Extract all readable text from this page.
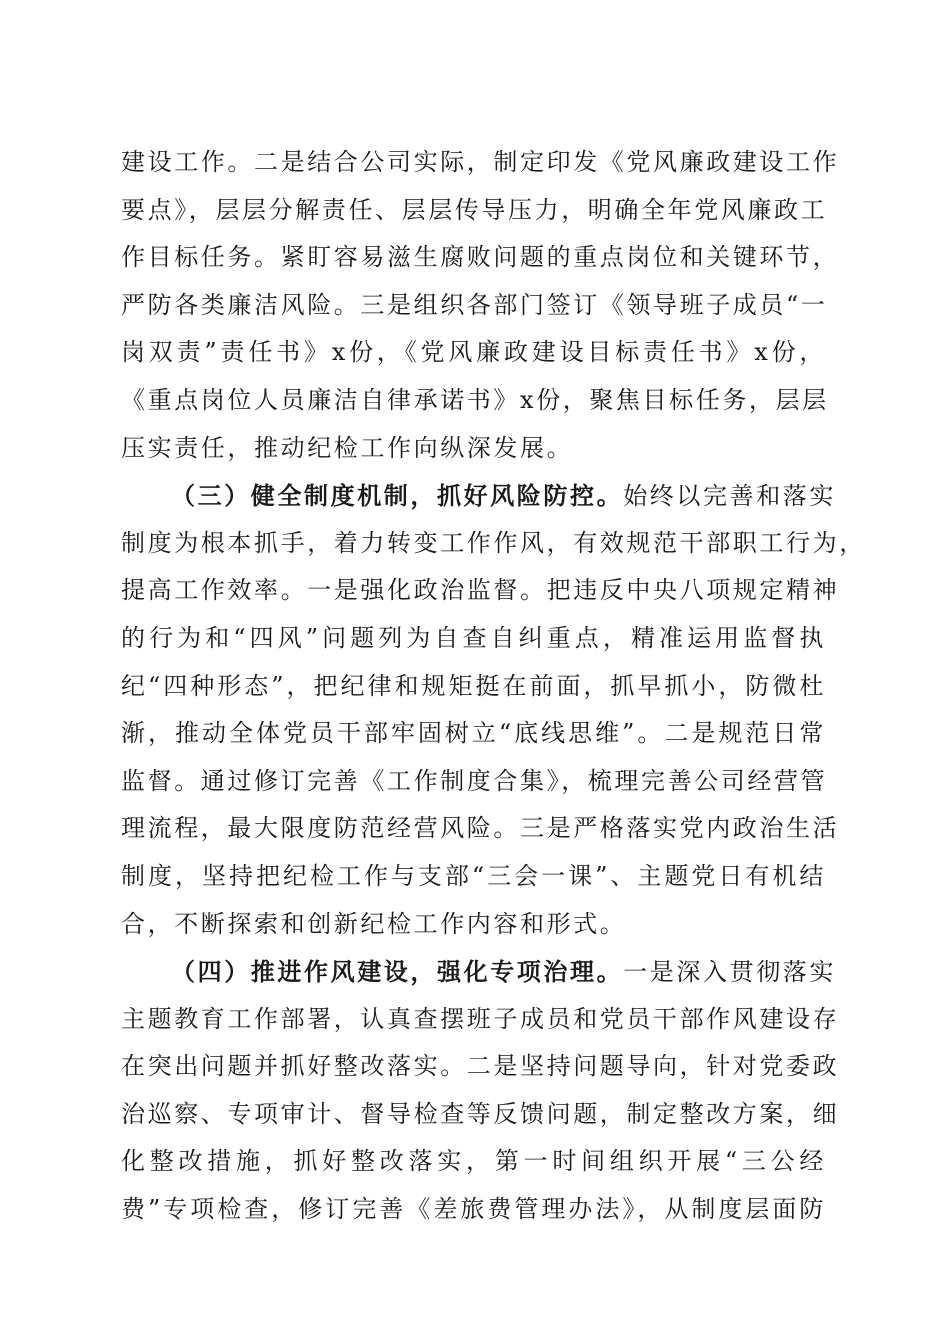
建设工作。二是结合公司实际，制定印发《党风廉政建设工作
要点》，层层分解责任、层层传导压力，明确全年党风廉政工
作目标任务。紧盯容易滋生腐败问题的重点岗位和关键环节，
严防各类廉洁风险。三是组织各部门签订《领导班子成员“一
岗双责”责任书》x份，《党风廉政建设目标责任书》x份，
《重点岗位人员廉洁自律承诺书》x份，聚焦目标任务，层层
压实责任，推动纪检工作向纵深发展。
（三）健全制度机制，抓好风险防控。始终以完善和落实
制度为根本抓手，着力转变工作作风，有效规范干部职工行为，
提高工作效率。一是强化政治监督。把违反中央八项规定精神
的行为和“四风”问题列为自查自纠重点，精准运用监督执
纪“四种形态”，把纪律和规矩挺在前面，抓早抓小，防微杜
渐，推动全体党员干部牢固树立“底线思维”。二是规范日常
监督。通过修订完善《工作制度合集》，梳理完善公司经营管
理流程，最大限度防范经营风险。三是严格落实党内政治生活
制度，坚持把纪检工作与支部“三会一课”、主题党日有机结
合，不断探索和创新纪检工作内容和形式。
（四）推进作风建设，强化专项治理。一是深入贯彻落实
主题教育工作部署，认真查摆班子成员和党员干部作风建设存
在突出问题并抓好整改落实。二是坚持问题导向，针对党委政
治巡察、专项审计、督导检查等反馈问题，制定整改方案，细
化整改措施，抓好整改落实，第一时间组织开展“三公经
费”专项检查，修订完善《差旅费管理办法》，从制度层面防
